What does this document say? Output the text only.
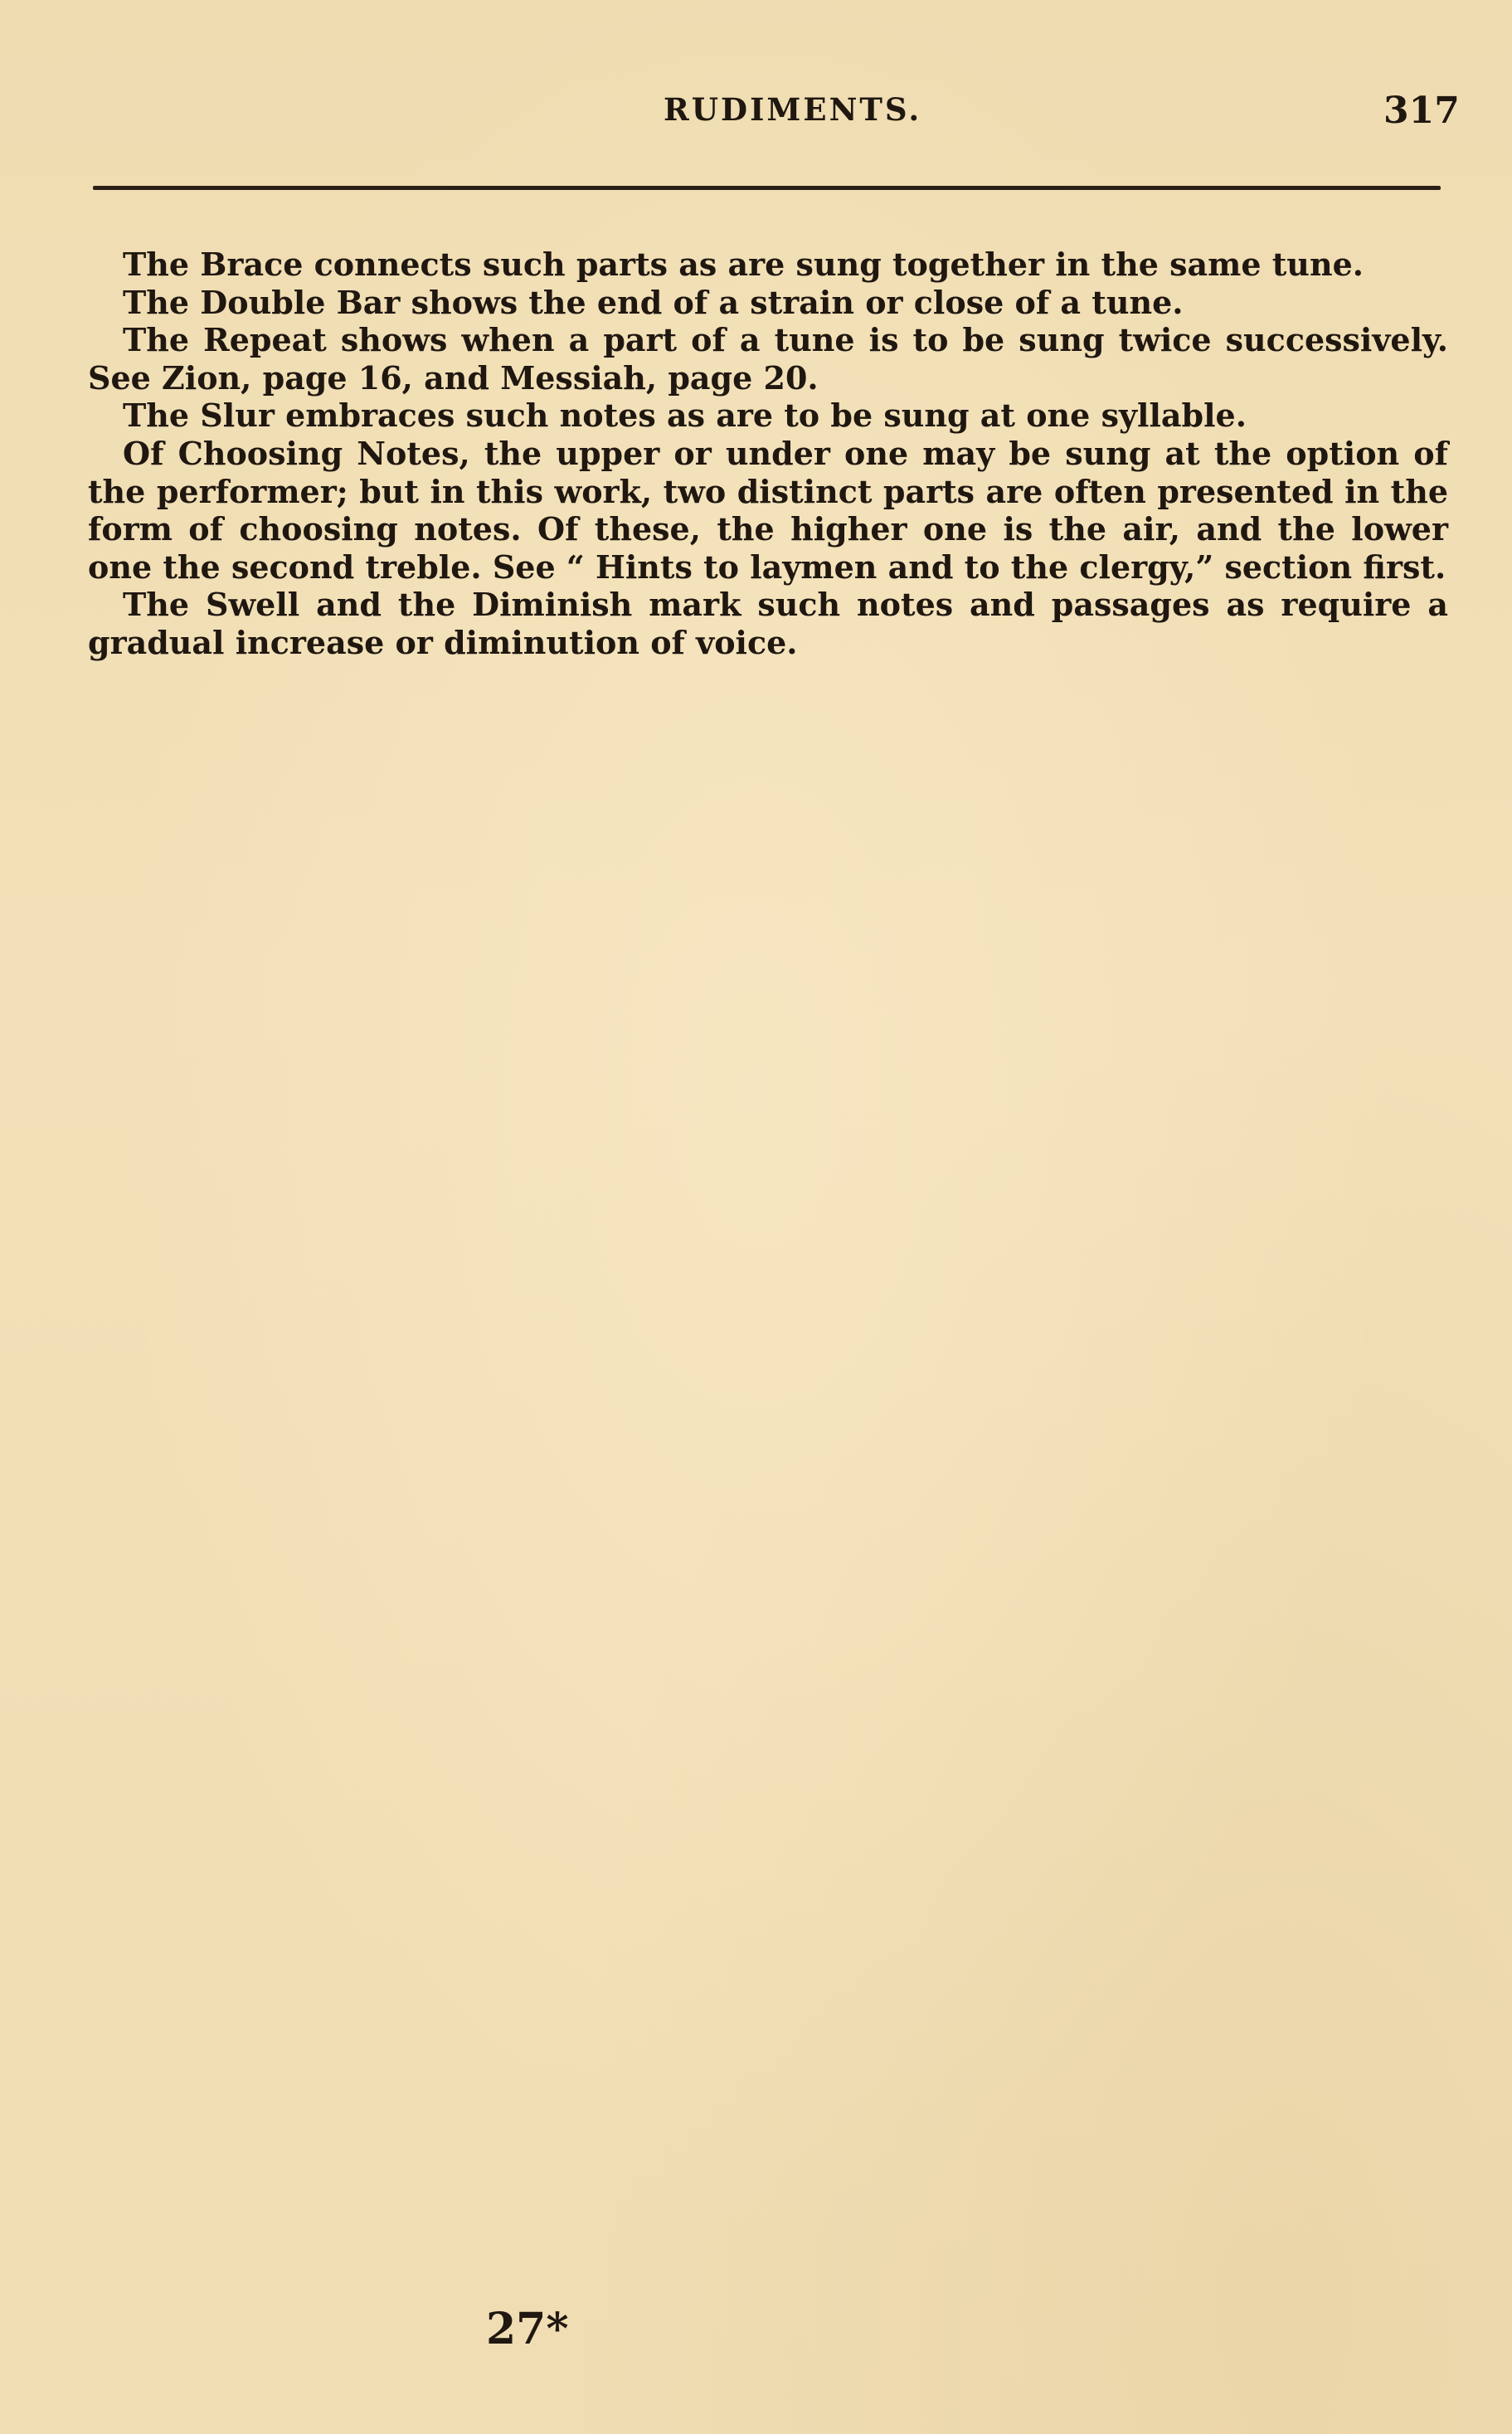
RUDIMENTS.	317

The Brace connects such parts as are sung together in the same tune.

The Double Bar shows the end of a strain or close of a tune.

The Repeat shows when a part of a tune is to be sung twice successively. See Zion, page 16, and Messiah, page 20.

The Slur embraces such notes as are to be sung at one syllable.

Of Choosing Notes, the upper or under one may be sung at the option of the performer; but in this work, two distinct parts are often presented in the form of choosing notes. Of these, the higher one is the air, and the lower one the second treble. See “ Hints to laymen and to the clergy,” section first.

The Swell and the Diminish mark such notes and passages as require a gradual increase or diminution of voice.

27*
